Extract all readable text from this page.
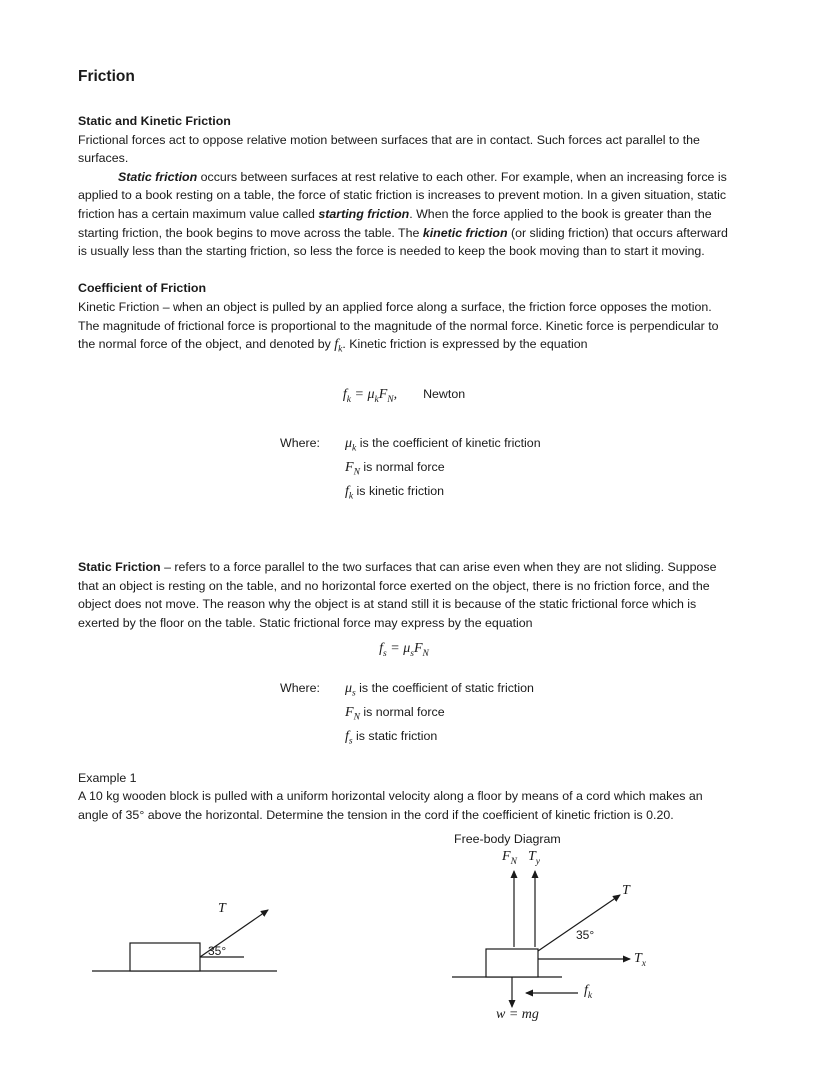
Friction
Static and Kinetic Friction

Frictional forces act to oppose relative motion between surfaces that are in contact. Such forces act parallel to the surfaces.

Static friction occurs between surfaces at rest relative to each other. For example, when an increasing force is applied to a book resting on a table, the force of static friction is increases to prevent motion. In a given situation, static friction has a certain maximum value called starting friction. When the force applied to the book is greater than the starting friction, the book begins to move across the table. The kinetic friction (or sliding friction) that occurs afterward is usually less than the starting friction, so less the force is needed to keep the book moving than to start it moving.

Coefficient of Friction

Kinetic Friction – when an object is pulled by an applied force along a surface, the friction force opposes the motion. The magnitude of frictional force is proportional to the magnitude of the normal force. Kinetic force is perpendicular to the normal force of the object, and denoted by $f_k$. Kinetic friction is expressed by the equation

$f_k = \mu_kF_N$, Newton
Where:	$\mu_k$ is the coefficient of kinetic friction
$F_N$ is normal force
$f_k$ is kinetic friction

Static Friction – refers to a force parallel to the two surfaces that can arise even when they are not sliding. Suppose that an object is resting on the table, and no horizontal force exerted on the object, there is no friction force, and the object does not move. The reason why the object is at stand still it is because of the static frictional force which is exerted by the floor on the table. Static frictional force may express by the equation

$f_s = \mu_sF_N$
Where:	$\mu_s$ is the coefficient of static friction
$F_N$ is normal force
$f_s$ is static friction

Example 1

A 10 kg wooden block is pulled with a uniform horizontal velocity along a floor by means of a cord which makes an angle of 35° above the horizontal. Determine the tension in the cord if the coefficient of kinetic friction is 0.20.

T
35°
Free-body Diagram
$F_N$ $T_y$
T
35°
$T_x$
$f_k$
w = mg
